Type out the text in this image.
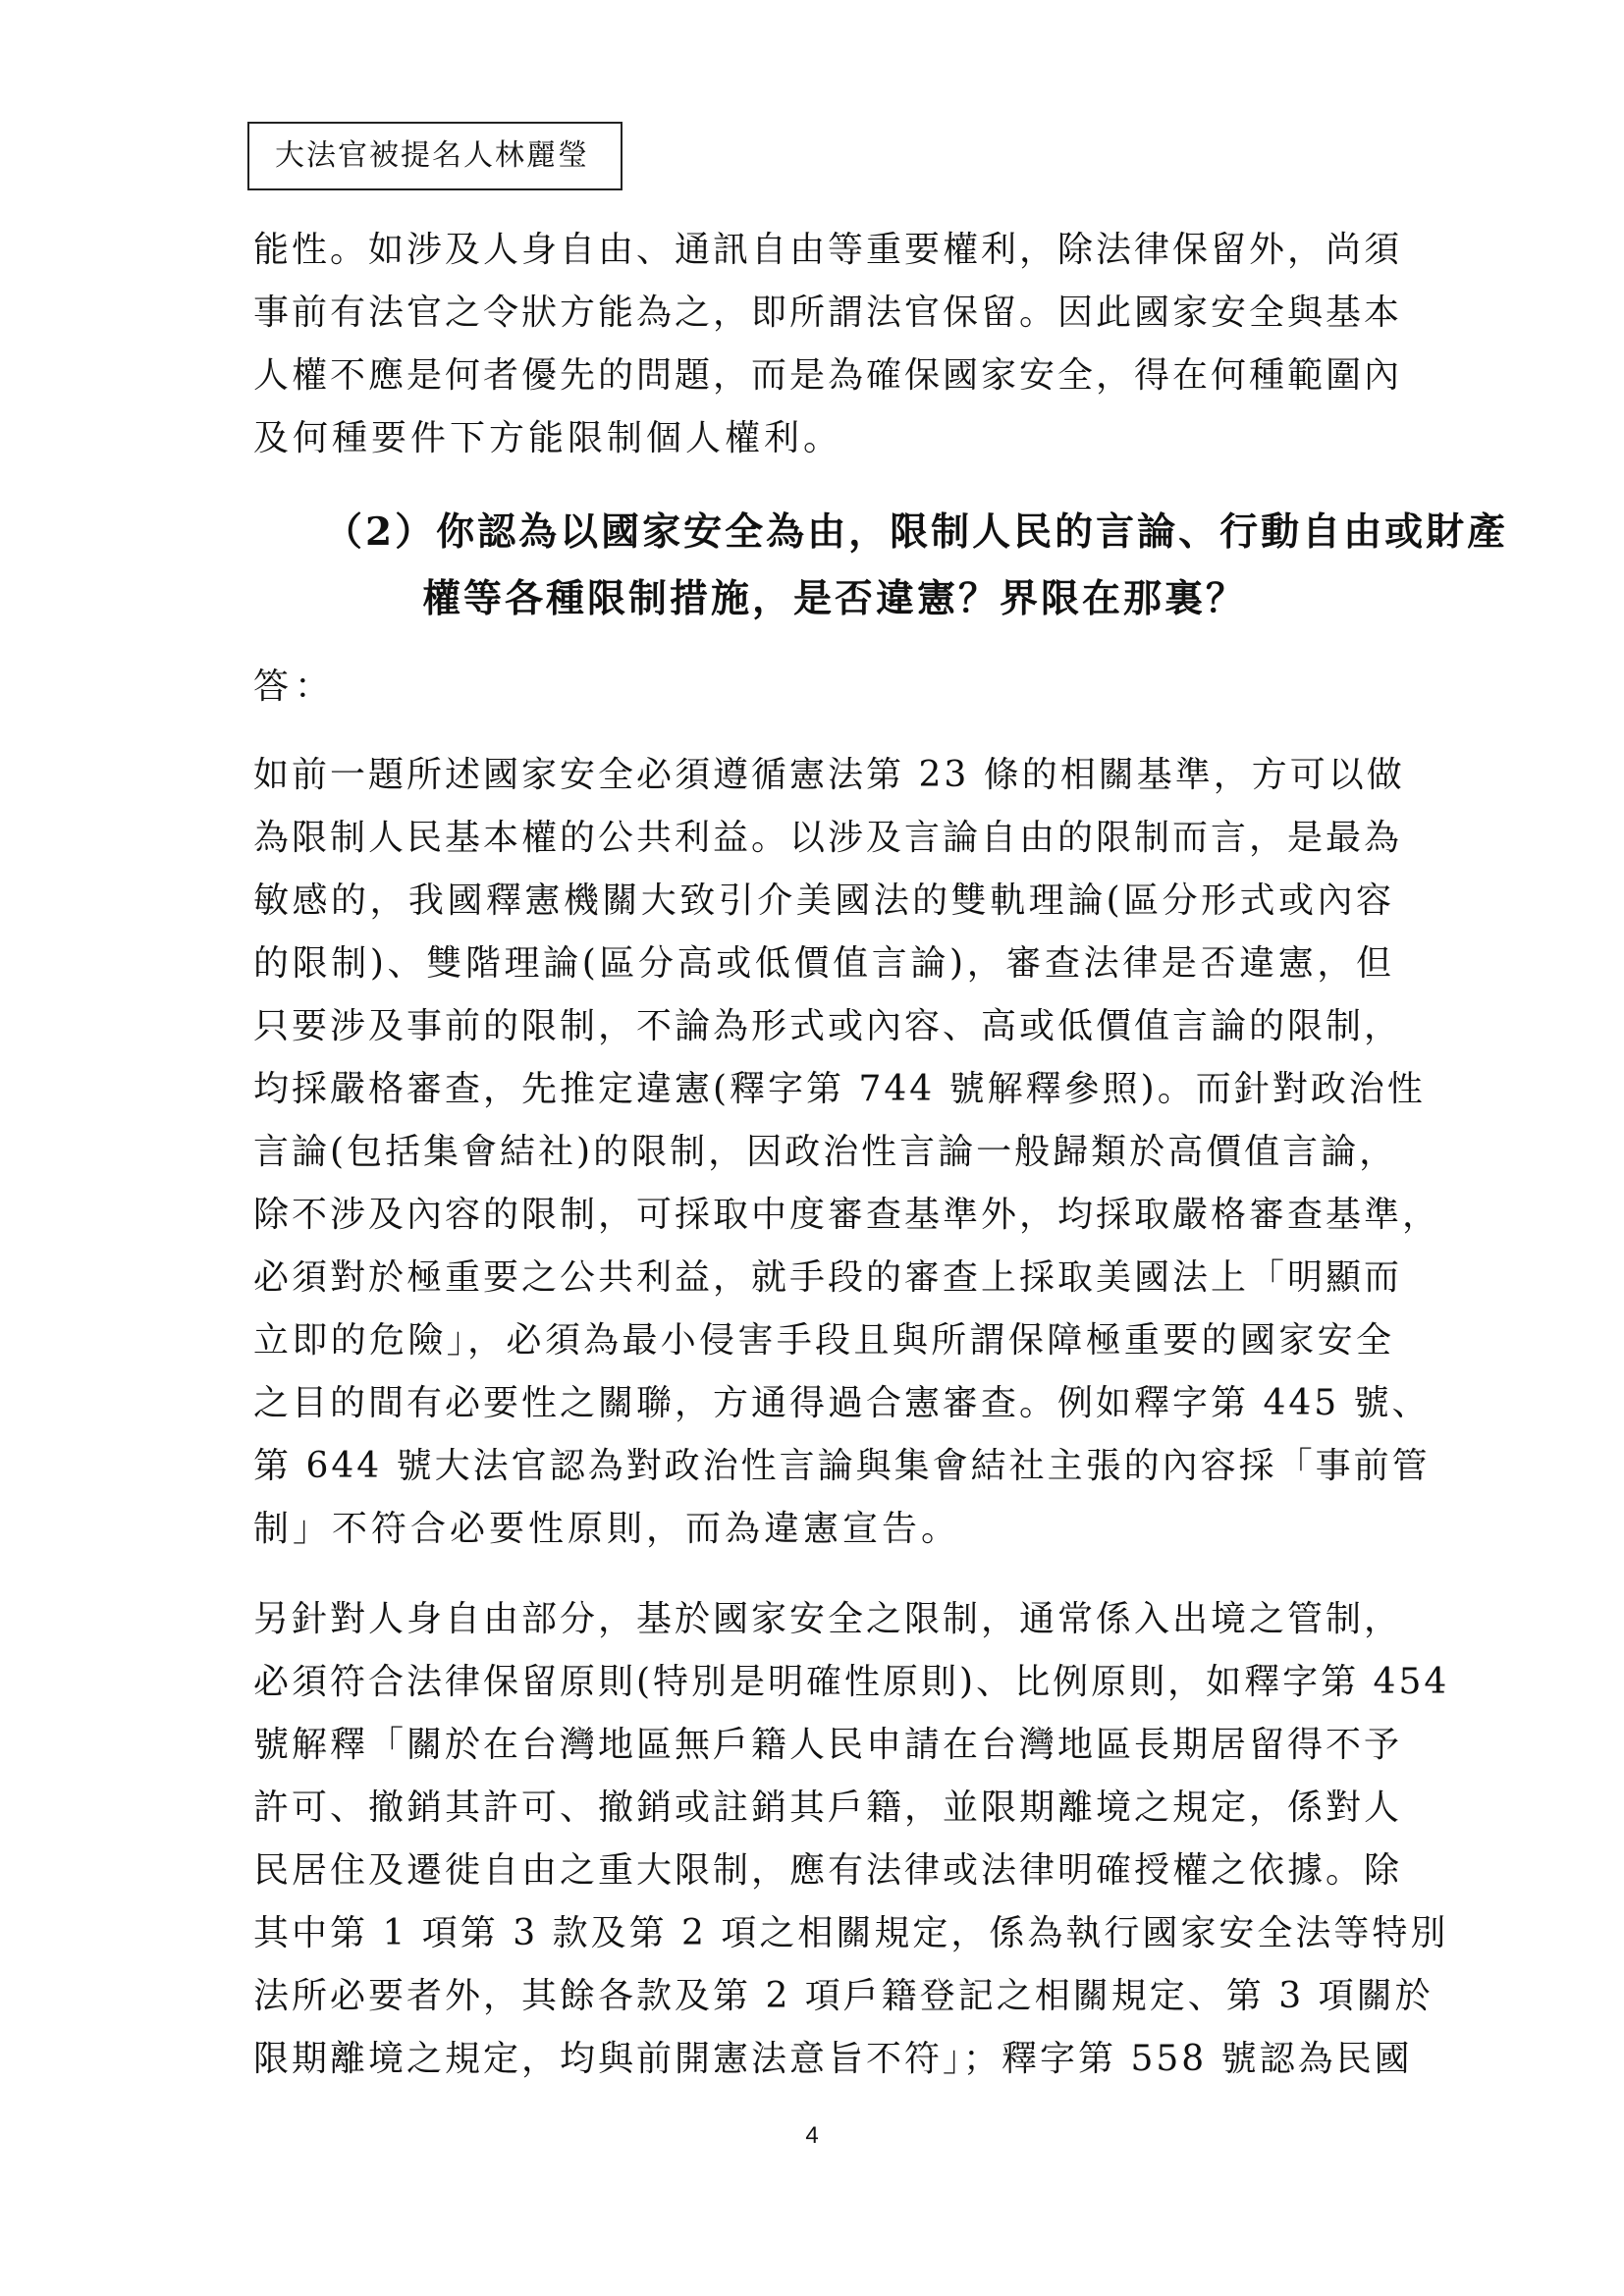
大法官被提名人林麗瑩
能性。如涉及人身自由、通訊自由等重要權利，除法律保留外，尚須
事前有法官之令狀方能為之，即所謂法官保留。因此國家安全與基本
人權不應是何者優先的問題，而是為確保國家安全，得在何種範圍內
及何種要件下方能限制個人權利。
（2）你認為以國家安全為由，限制人民的言論、行動自由或財產
權等各種限制措施，是否違憲？界限在那裏？
答：
如前一題所述國家安全必須遵循憲法第 23 條的相關基準，方可以做
為限制人民基本權的公共利益。以涉及言論自由的限制而言，是最為
敏感的，我國釋憲機關大致引介美國法的雙軌理論(區分形式或內容
的限制)、雙階理論(區分高或低價值言論)，審查法律是否違憲，但
只要涉及事前的限制，不論為形式或內容、高或低價值言論的限制，
均採嚴格審查，先推定違憲(釋字第 744 號解釋參照)。而針對政治性
言論(包括集會結社)的限制，因政治性言論一般歸類於高價值言論，
除不涉及內容的限制，可採取中度審查基準外，均採取嚴格審查基準，
必須對於極重要之公共利益，就手段的審查上採取美國法上「明顯而
立即的危險」，必須為最小侵害手段且與所謂保障極重要的國家安全
之目的間有必要性之關聯，方通得過合憲審查。例如釋字第 445 號、
第 644 號大法官認為對政治性言論與集會結社主張的內容採「事前管
制」不符合必要性原則，而為違憲宣告。
另針對人身自由部分，基於國家安全之限制，通常係入出境之管制，
必須符合法律保留原則(特別是明確性原則)、比例原則，如釋字第 454
號解釋「關於在台灣地區無戶籍人民申請在台灣地區長期居留得不予
許可、撤銷其許可、撤銷或註銷其戶籍，並限期離境之規定，係對人
民居住及遷徙自由之重大限制，應有法律或法律明確授權之依據。除
其中第 1 項第 3 款及第 2 項之相關規定，係為執行國家安全法等特別
法所必要者外，其餘各款及第 2 項戶籍登記之相關規定、第 3 項關於
限期離境之規定，均與前開憲法意旨不符」；釋字第 558 號認為民國
4
